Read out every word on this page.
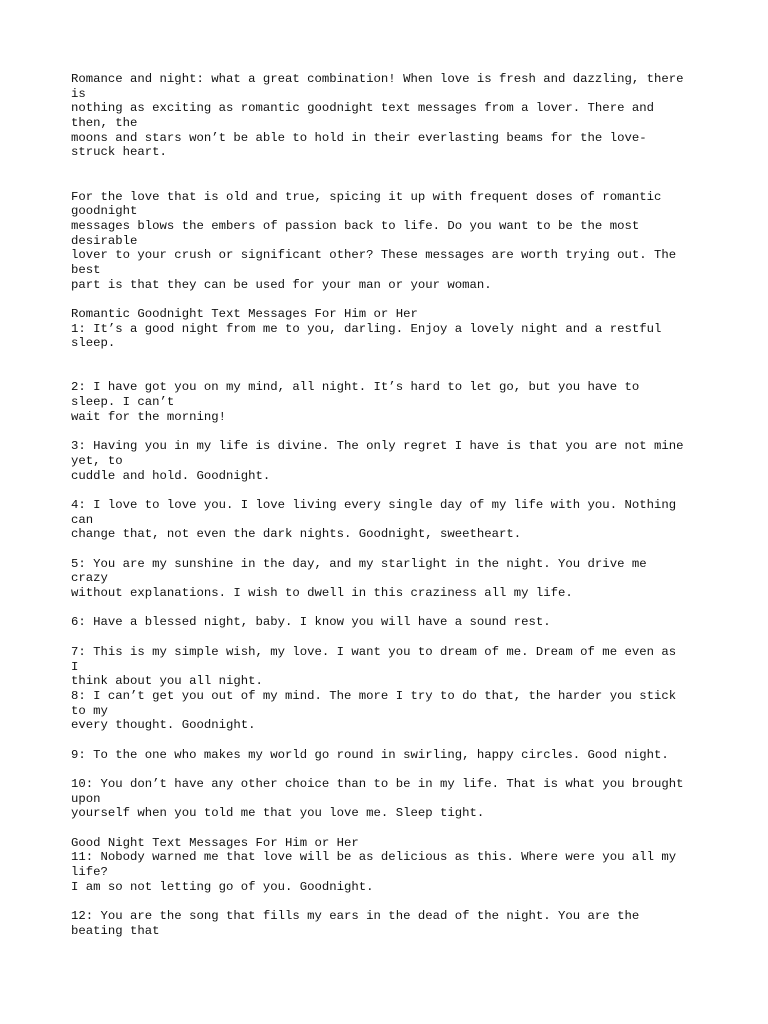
Romance and night: what a great combination! When love is fresh and dazzling, there
is
nothing as exciting as romantic goodnight text messages from a lover. There and
then, the
moons and stars won’t be able to hold in their everlasting beams for the love-
struck heart.
For the love that is old and true, spicing it up with frequent doses of romantic
goodnight
messages blows the embers of passion back to life. Do you want to be the most
desirable
lover to your crush or significant other? These messages are worth trying out. The
best
part is that they can be used for your man or your woman.
Romantic Goodnight Text Messages For Him or Her
1: It’s a good night from me to you, darling. Enjoy a lovely night and a restful
sleep.
2: I have got you on my mind, all night. It’s hard to let go, but you have to
sleep. I can’t
wait for the morning!
3: Having you in my life is divine. The only regret I have is that you are not mine
yet, to
cuddle and hold. Goodnight.
4: I love to love you. I love living every single day of my life with you. Nothing
can
change that, not even the dark nights. Goodnight, sweetheart.
5: You are my sunshine in the day, and my starlight in the night. You drive me
crazy
without explanations. I wish to dwell in this craziness all my life.
6: Have a blessed night, baby. I know you will have a sound rest.
7: This is my simple wish, my love. I want you to dream of me. Dream of me even as
I
think about you all night.
8: I can’t get you out of my mind. The more I try to do that, the harder you stick
to my
every thought. Goodnight.
9: To the one who makes my world go round in swirling, happy circles. Good night.
10: You don’t have any other choice than to be in my life. That is what you brought
upon
yourself when you told me that you love me. Sleep tight.
Good Night Text Messages For Him or Her
11: Nobody warned me that love will be as delicious as this. Where were you all my
life?
I am so not letting go of you. Goodnight.
12: You are the song that fills my ears in the dead of the night. You are the
beating that
